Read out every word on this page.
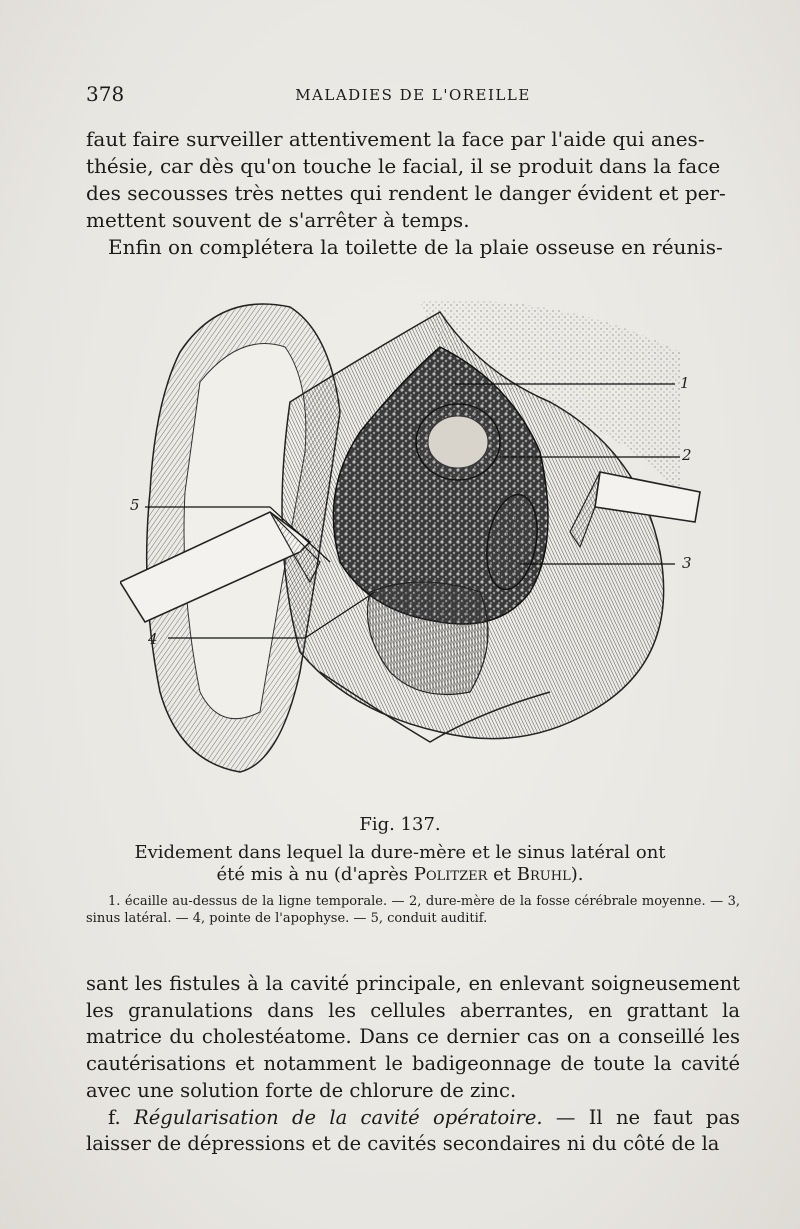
378	MALADIES DE L'OREILLE

faut faire surveiller attentivement la face par l'aide qui anes-

thésie, car dès qu'on touche le facial, il se produit dans la face

des secousses très nettes qui rendent le danger évident et per-

mettent souvent de s'arrêter à temps.

Enfin on complétera la toilette de la plaie osseuse en réunis-

1
2
3
4
5
Fig. 137.
Evidement dans lequel la dure-mère et le sinus latéral ont été mis à nu (d'après Politzer et Bruhl).

1. écaille au-dessus de la ligne temporale. — 2, dure-mère de la fosse cérébrale moyenne. — 3, sinus latéral. — 4, pointe de l'apophyse. — 5, conduit auditif.

sant les fistules à la cavité principale, en enlevant soigneusement les granulations dans les cellules aberrantes, en grattant la matrice du cholestéatome. Dans ce dernier cas on a conseillé les cautérisations et notamment le badigeonnage de toute la cavité avec une solution forte de chlorure de zinc.

f. Régularisation de la cavité opératoire. — Il ne faut pas laisser de dépressions et de cavités secondaires ni du côté de la
